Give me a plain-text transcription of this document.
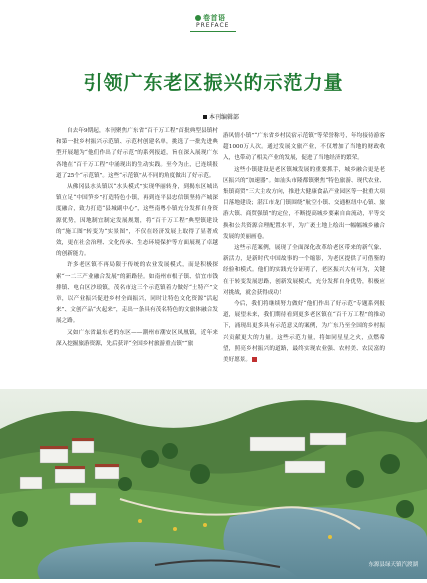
卷首语
PREFACE
引领广东老区振兴的示范力量
本刊编辑部

自去年9期起，本刊聚焦广东省“百千万工程”首批典型县镇村和第一批乡村振兴示范镇、示范村创建名单，挑选了一批先进典型开展题为“他们作出了好示范”的系列报道，旨在深入展现广东各地在“百千万工程”中涌现出的生动实践。至今为止，已连续报道了25个“示范镇”。这些“示范镇”从不同的角度做出了好示范。

从佛冈县水头镇以“水头模式”实现华丽转身，到揭东区城出镇立足“中国笋乡”打造特色小镇，再到连平县忠信镇坚持产城深度融合，致力打造“县城副中心”，这些南粤小镇充分发挥自身资源优势，因地制宜制定发展规划，将“百千万工程”典型镇建设的“施工图”转变为“实景图”，不仅在经济发展上取得了显著成效，更在社会治理、文化传承、生态环境保护等方面展现了卓越的创新能力。

许多老区镇不再局限于传统的农业发展模式，而是积极探索“一二三产业融合发展”的新路径。如南州市根子镇、信宜市钱排镇、电白区沙琅镇，茂名市这三个示范镇着力做好“土特产”文章，以产业振兴促进乡村全面振兴，同时让特色文化资源“活起来”、文创产品“火起来”，走出一条具有茂名特色的文旅体融合发展之路。

又如广东省最东老的东区——潮州市潮安区凤凰镇，近年来深入挖掘旅游资源，先后获评“全国乡村旅游重点镇”“旅

游风情小镇”“广东省乡村民宿示范镇”等荣誉称号，年均接待游客超1000万人次。通过发展文旅产业，不仅增加了当地的财政收入，也带动了相关产业的发展，促进了当地经济的繁荣。

这些小镇建设是老区镇城发展的重要抓手，城乡融合更是老区振兴的“加速器”。如汕头市隆都镇聚焦“特色旅游、现代农业、集镇商贸”三大主攻方向，推进大健康食品产业园区等一批重大项目落地建设；湛江市龙门镇围绕“航空小镇、交通枢纽中心镇、旅游大镇、商贸强镇”的定位，不断提高城乡要素自由流动，平等交换和公共资源合理配置水平，为广袤土地上绘出一幅幅城乡融合发展的美丽画卷。

这些示范案例，展现了全面深化改革给老区带来的新气象、新活力，是新时代中国故事的一个缩影，为老区提供了可借鉴的经验和模式。他们的实践充分证明了，老区振兴大有可为，关键在于转变发展思路，创新发展模式，充分发挥自身优势，积极应对挑战，就会获得成功！

今后，我们将继续努力做好“他们作出了好示范”专题系列报道，展望未来，我们期待看到更多老区镇在“百千万工程”的推动下，涌现出更多具有示范意义的案例，为广东乃至全国的乡村振兴贡献更大的力量。这些示范力量，将如同星星之火，点燃希望，照亮乡村振兴的道路，最终实现农业强、农村美、农民富的美好愿景。

东源县绿天镇汽渡湖
